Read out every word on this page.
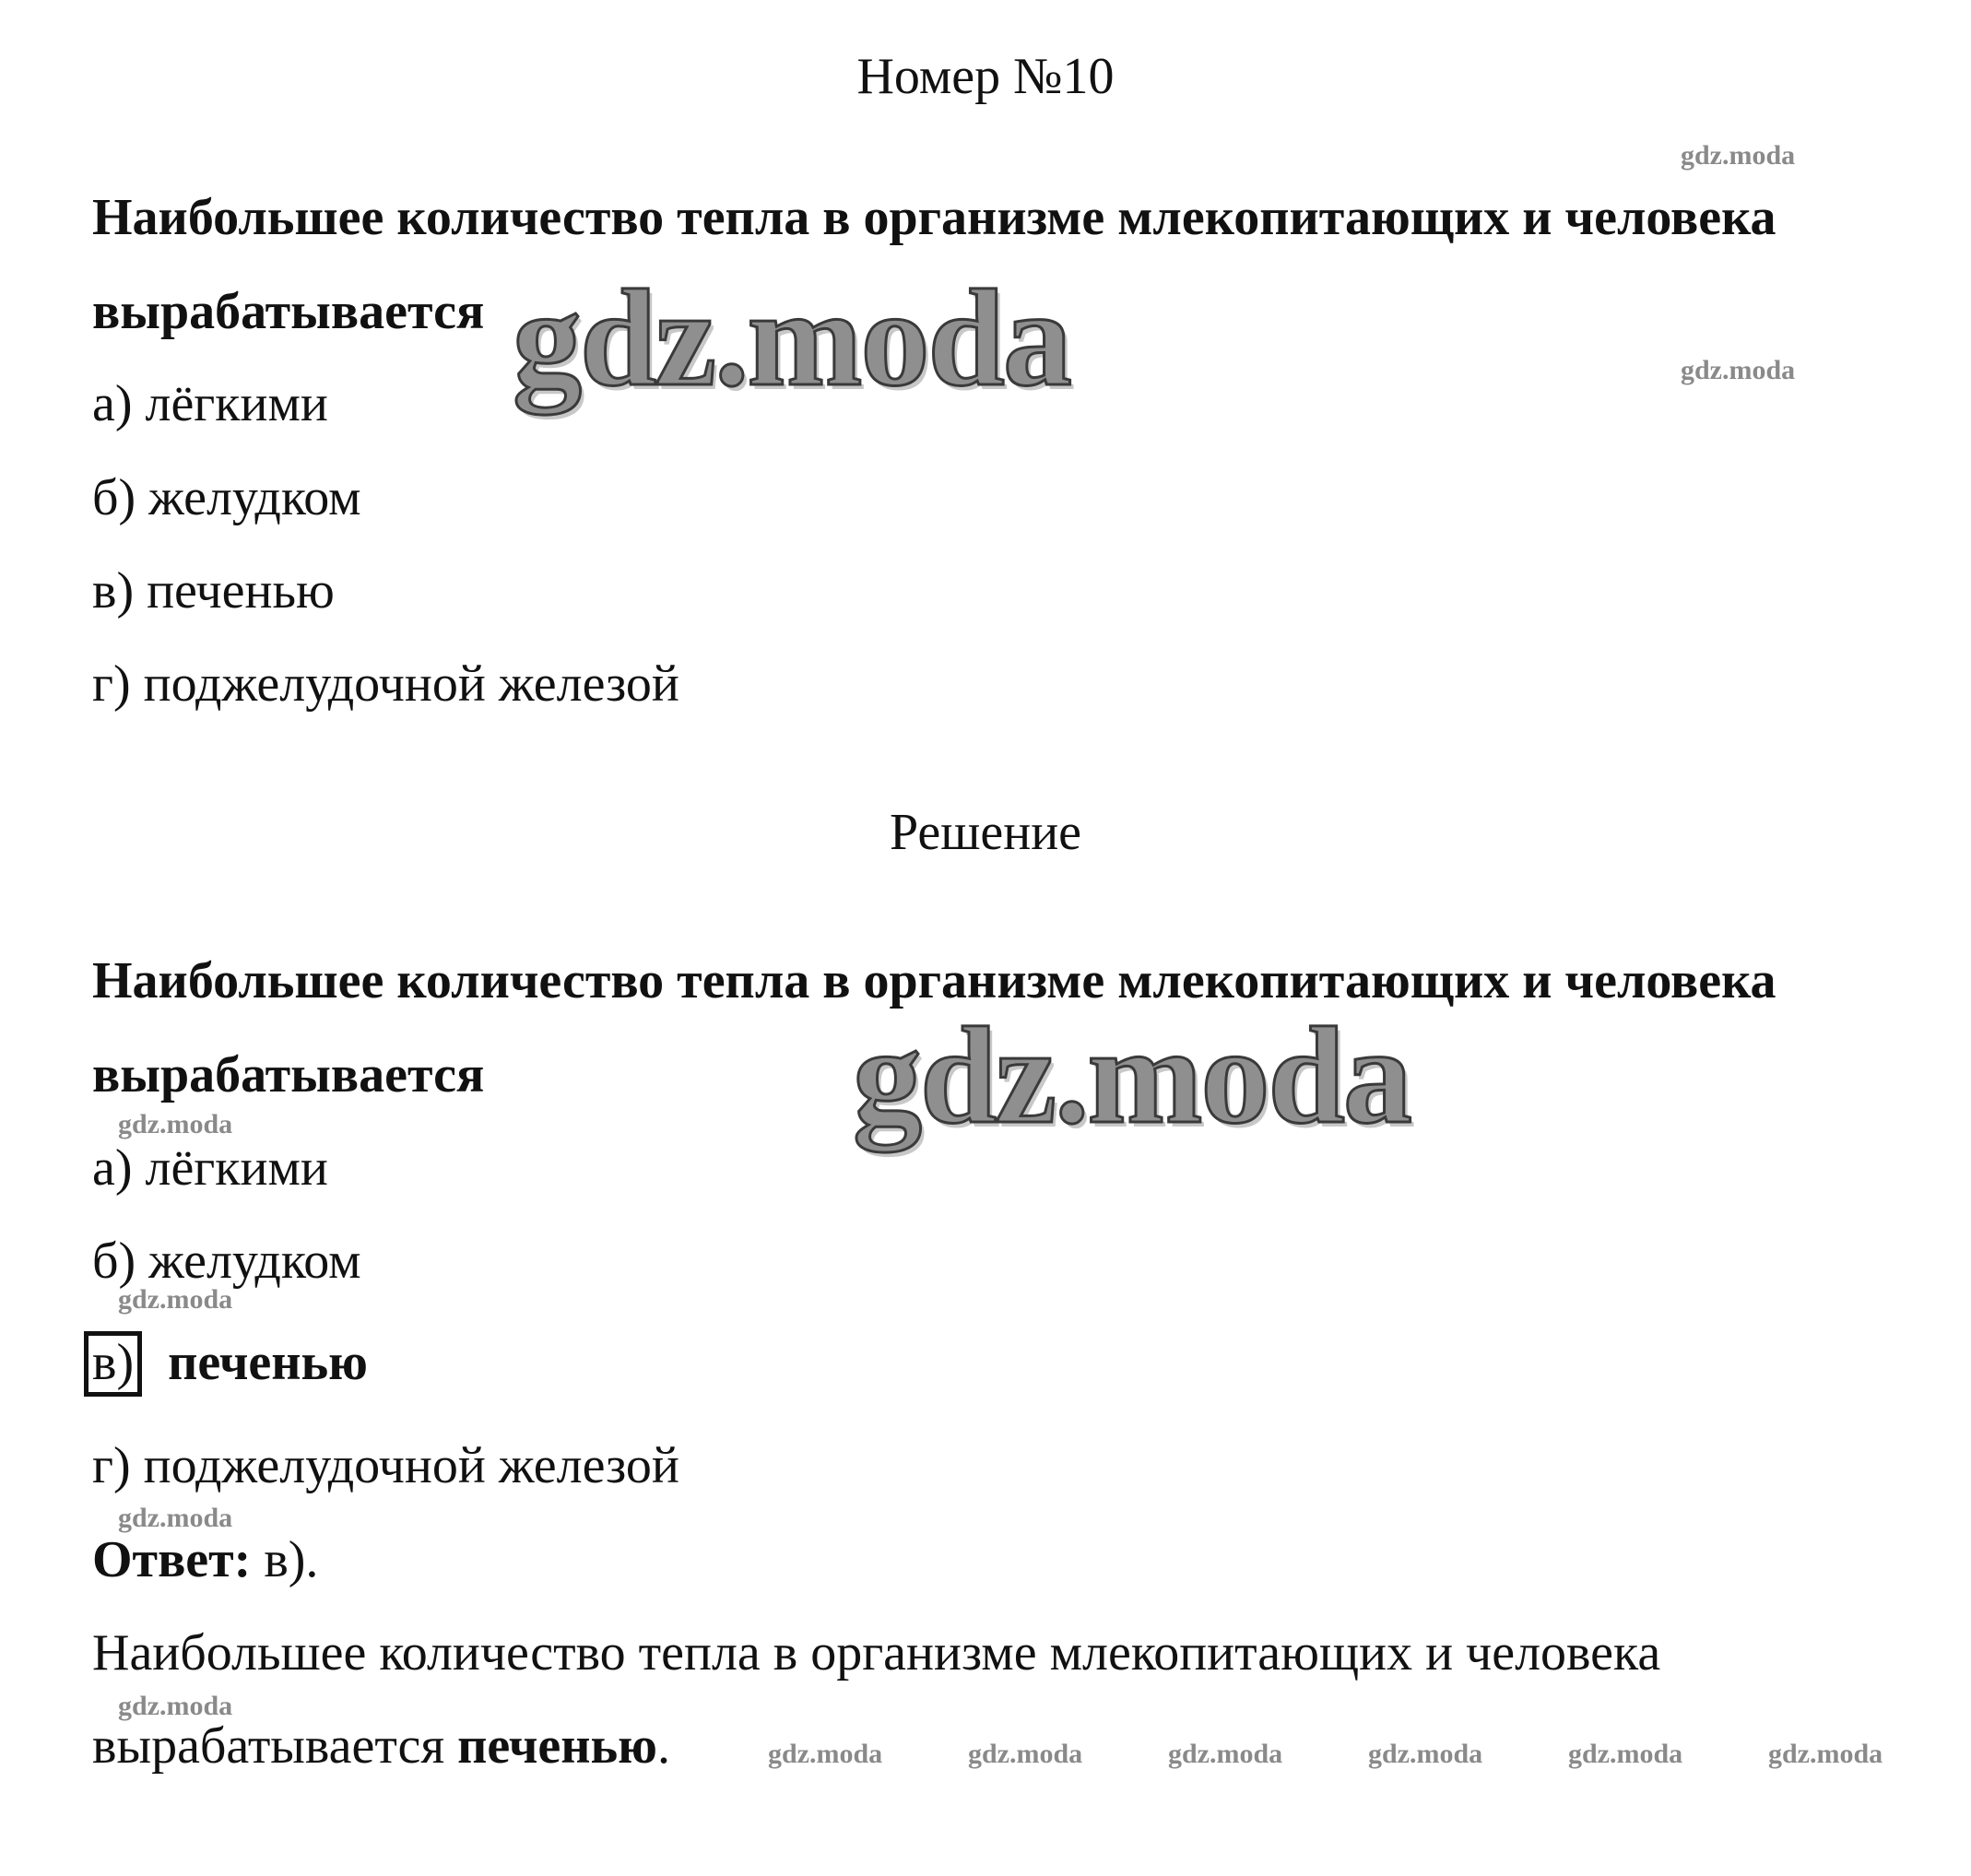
Номер №10
Наибольшее количество тепла в организме млекопитающих и человека
вырабатывается
а) лёгкими
б) желудком
в) печенью
г) поджелудочной железой
Решение
Наибольшее количество тепла в организме млекопитающих и человека
вырабатывается
а) лёгкими
б) желудком
в) печенью
г) поджелудочной железой
Ответ: в).
Наибольшее количество тепла в организме млекопитающих и человека
вырабатывается печенью.
gdz.moda
gdz.moda
gdz.moda
gdz.moda
gdz.moda
gdz.moda
gdz.moda
gdz.moda
gdz.moda	gdz.moda	gdz.moda	gdz.moda	gdz.moda	gdz.moda
